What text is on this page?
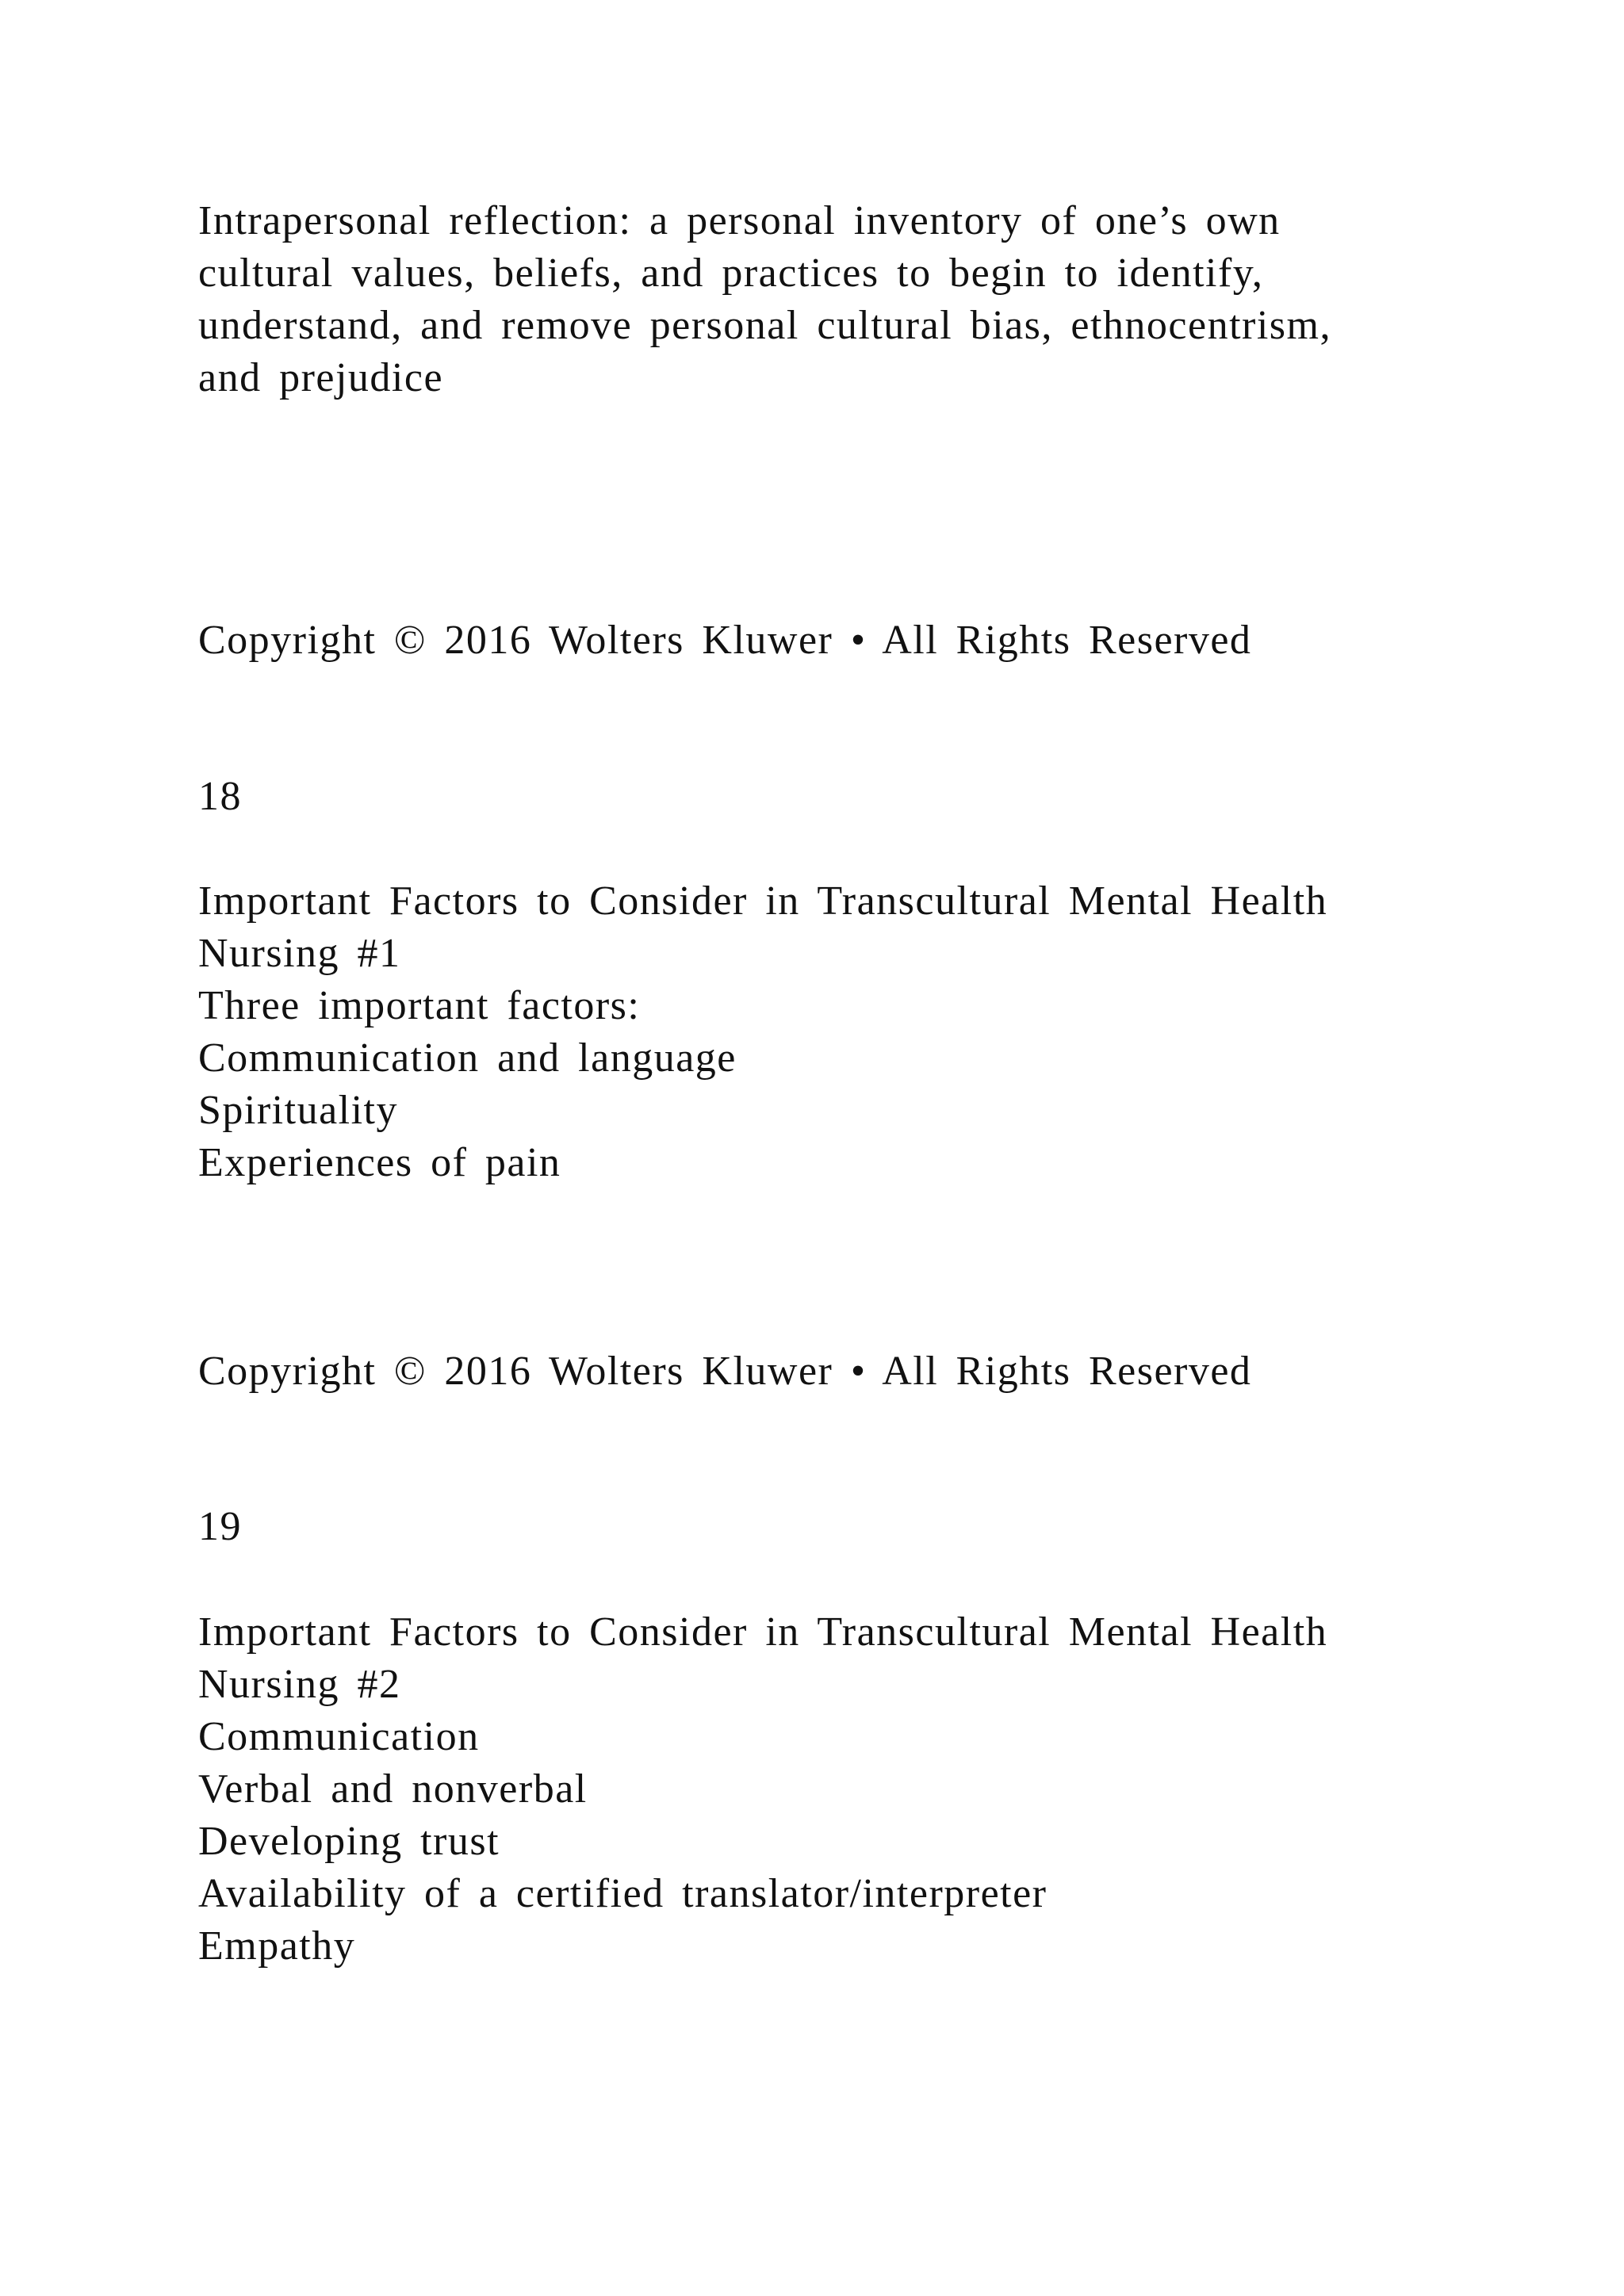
Intrapersonal reflection: a personal inventory of one’s own

cultural values, beliefs, and practices to begin to identify,

understand, and remove personal cultural bias, ethnocentrism,

and prejudice

Copyright © 2016 Wolters Kluwer • All Rights Reserved

18

Important Factors to Consider in Transcultural Mental Health

Nursing #1

Three important factors:

Communication and language

Spirituality

Experiences of pain

Copyright © 2016 Wolters Kluwer • All Rights Reserved

19

Important Factors to Consider in Transcultural Mental Health

Nursing #2

Communication

Verbal and nonverbal

Developing trust

Availability of a certified translator/interpreter

Empathy
